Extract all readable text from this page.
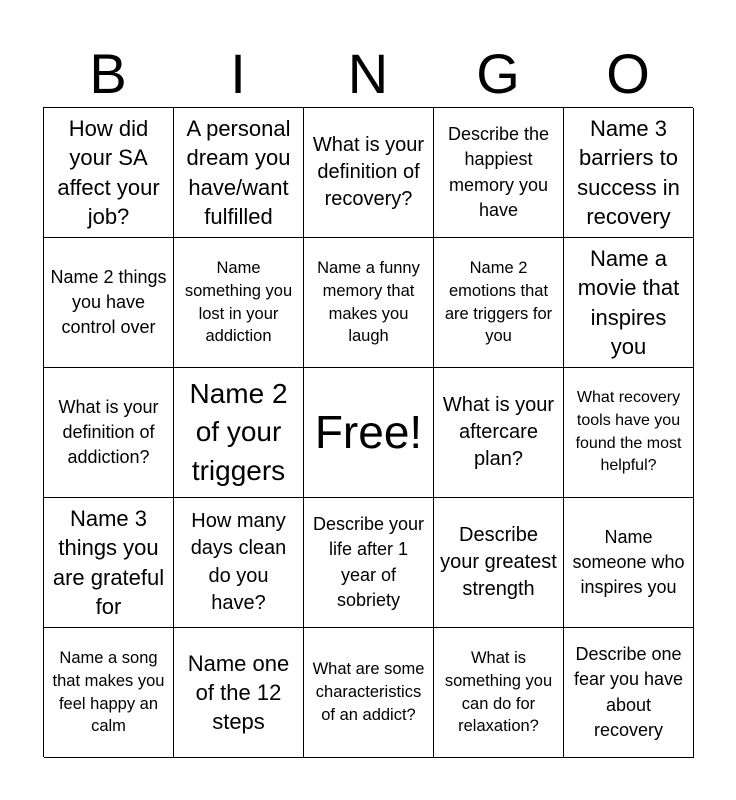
B	I	N	G	O
How did your SA affect your job?
A personal dream you have/want fulfilled
What is your definition of recovery?
Describe the happiest memory you have
Name 3 barriers to success in recovery
Name 2 things you have control over
Name something you lost in your addiction
Name a funny memory that makes you laugh
Name 2 emotions that are triggers for you
Name a movie that inspires you
What is your definition of addiction?
Name 2 of your triggers
Free!
What is your aftercare plan?
What recovery tools have you found the most helpful?
Name 3 things you are grateful for
How many days clean do you have?
Describe your life after 1 year of sobriety
Describe your greatest strength
Name someone who inspires you
Name a song that makes you feel happy an calm
Name one of the 12 steps
What are some characteristics of an addict?
What is something you can do for relaxation?
Describe one fear you have about recovery
